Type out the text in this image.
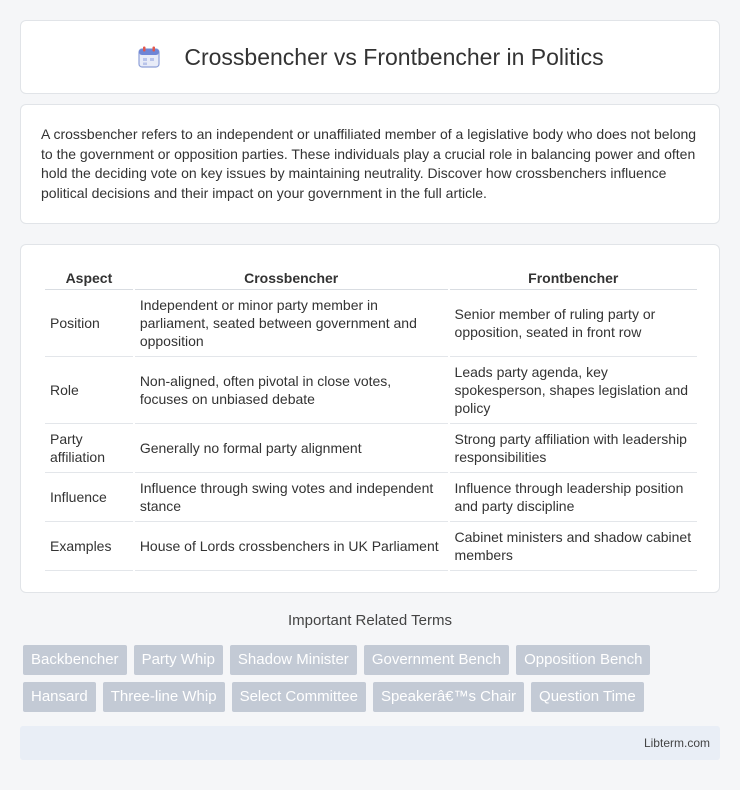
Crossbencher vs Frontbencher in Politics

A crossbencher refers to an independent or unaffiliated member of a legislative body who does not belong to the government or opposition parties. These individuals play a crucial role in balancing power and often hold the deciding vote on key issues by maintaining neutrality. Discover how crossbenchers influence political decisions and their impact on your government in the full article.

Aspect	Crossbencher	Frontbencher
Position	Independent or minor party member in parliament, seated between government and opposition	Senior member of ruling party or opposition, seated in front row
Role	Non-aligned, often pivotal in close votes, focuses on unbiased debate	Leads party agenda, key spokesperson, shapes legislation and policy
Party affiliation	Generally no formal party alignment	Strong party affiliation with leadership responsibilities
Influence	Influence through swing votes and independent stance	Influence through leadership position and party discipline
Examples	House of Lords crossbenchers in UK Parliament	Cabinet ministers and shadow cabinet members
Important Related Terms
Backbencher	Party Whip	Shadow Minister	Government Bench	Opposition Bench
Hansard	Three-line Whip	Select Committee	Speakerâ€™s Chair	Question Time
Libterm.com
